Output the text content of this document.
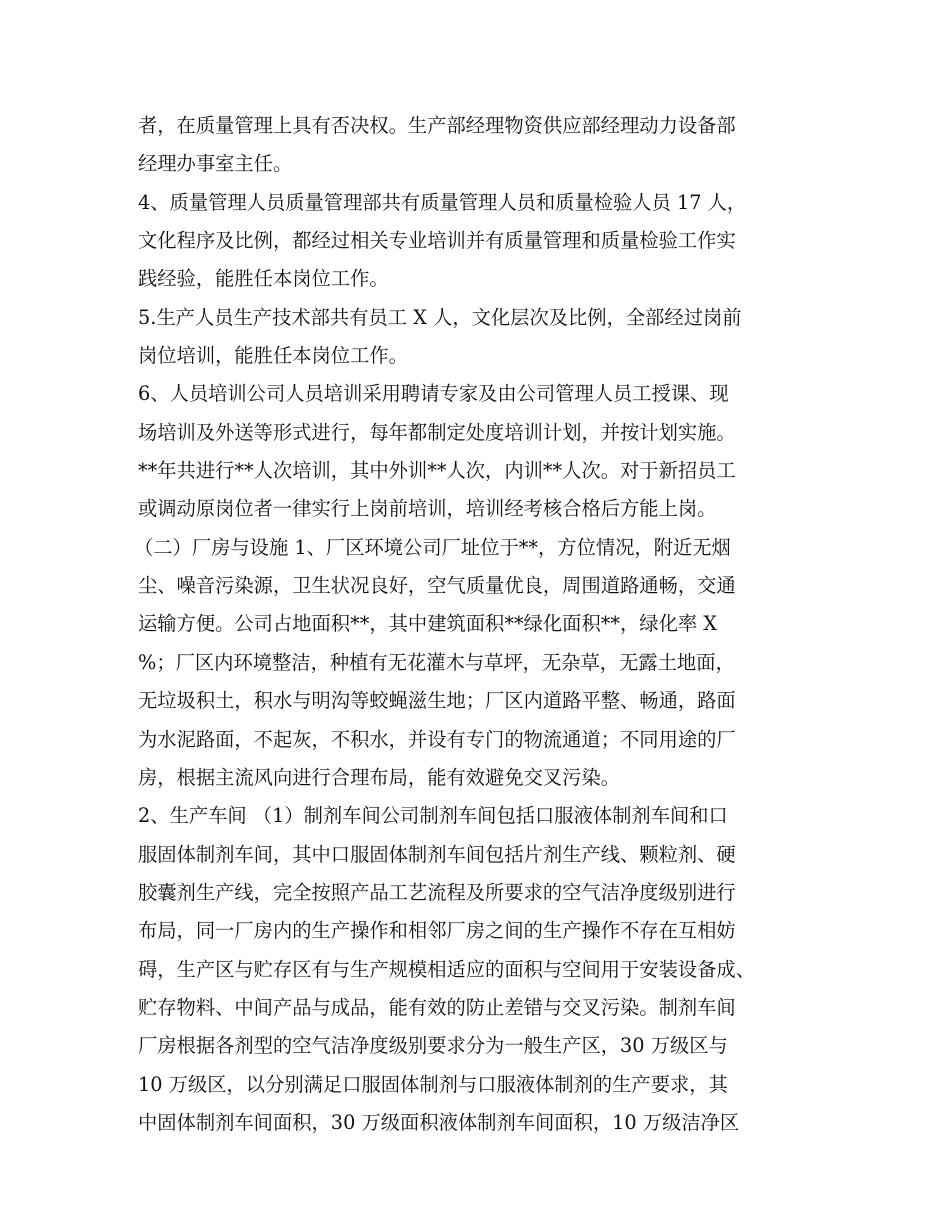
者，在质量管理上具有否决权。生产部经理物资供应部经理动力设备部
经理办事室主任。
4、质量管理人员质量管理部共有质量管理人员和质量检验人员 17 人，
文化程序及比例，都经过相关专业培训并有质量管理和质量检验工作实
践经验，能胜任本岗位工作。
5.生产人员生产技术部共有员工 X 人，文化层次及比例，全部经过岗前
岗位培训，能胜任本岗位工作。
6、人员培训公司人员培训采用聘请专家及由公司管理人员工授课、现
场培训及外送等形式进行，每年都制定处度培训计划，并按计划实施。
**年共进行**人次培训，其中外训**人次，内训**人次。对于新招员工
或调动原岗位者一律实行上岗前培训，培训经考核合格后方能上岗。
（二）厂房与设施 1、厂区环境公司厂址位于**，方位情况，附近无烟
尘、噪音污染源，卫生状况良好，空气质量优良，周围道路通畅，交通
运输方便。公司占地面积**，其中建筑面积**绿化面积**，绿化率 X
%；厂区内环境整洁，种植有无花灌木与草坪，无杂草，无露土地面，
无垃圾积土，积水与明沟等蛟蝇滋生地；厂区内道路平整、畅通，路面
为水泥路面，不起灰，不积水，并设有专门的物流通道；不同用途的厂
房，根据主流风向进行合理布局，能有效避免交叉污染。
2、生产车间 （1）制剂车间公司制剂车间包括口服液体制剂车间和口
服固体制剂车间，其中口服固体制剂车间包括片剂生产线、颗粒剂、硬
胶囊剂生产线，完全按照产品工艺流程及所要求的空气洁净度级别进行
布局，同一厂房内的生产操作和相邻厂房之间的生产操作不存在互相妨
碍，生产区与贮存区有与生产规模相适应的面积与空间用于安装设备成、
贮存物料、中间产品与成品，能有效的防止差错与交叉污染。制剂车间
厂房根据各剂型的空气洁净度级别要求分为一般生产区，30 万级区与
10 万级区，以分别满足口服固体制剂与口服液体制剂的生产要求，其
中固体制剂车间面积，30 万级面积液体制剂车间面积，10 万级洁净区
